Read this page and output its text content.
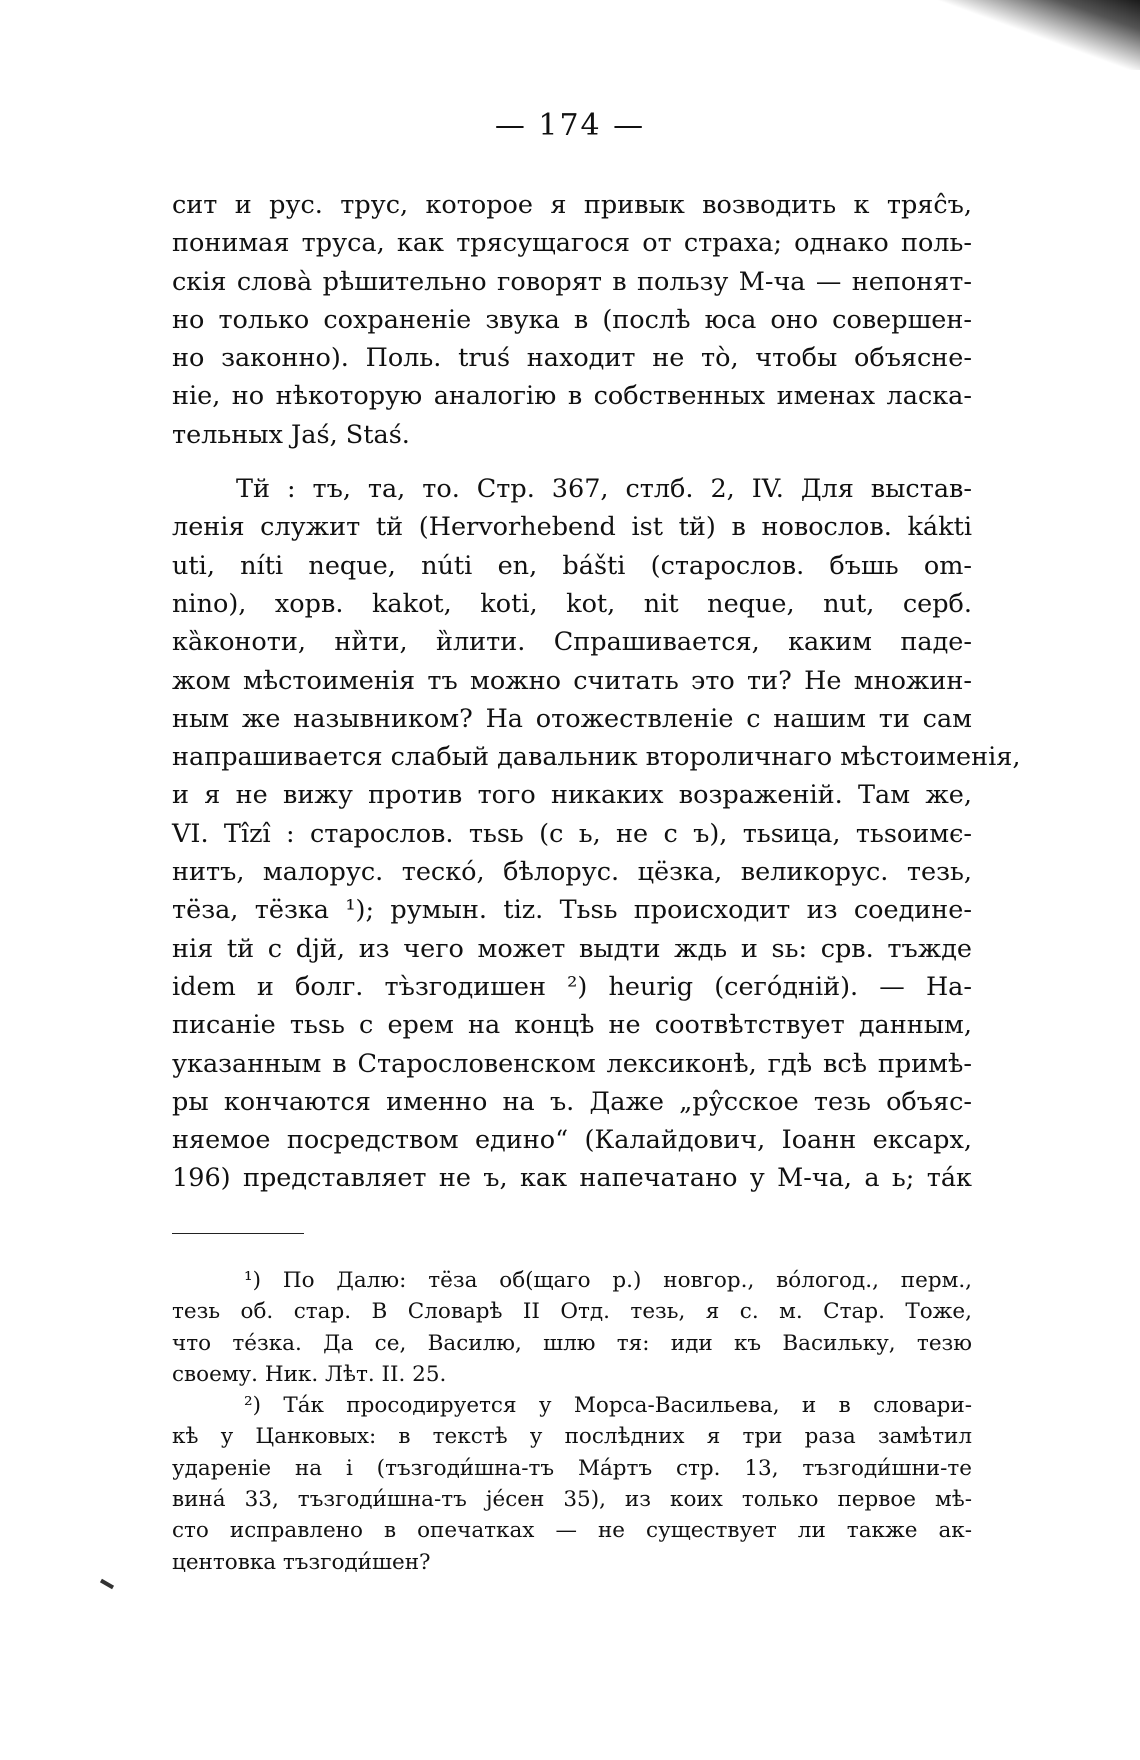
— 174 —
сит и рус. трус, которое я привык возводить к тряс̂ъ,
понимая труса, как трясущагося от страха; однако поль-
скія слова̀ рѣшительно говорят в пользу М-ча — непонят-
но только сохраненіе звука в (послѣ юса оно совершен-
но законно). Поль. truś находит не то̀, чтобы объясне-
ніе, но нѣкоторую аналогію в собственных именах ласка-
тельных Jaś, Staś.
Тй : тъ, та, то. Стр. 367, стлб. 2, IV. Для выстав-
ленія служит tй (Hervorhebend ist tй) в новослов. kákti
uti, níti neque, núti en, bášti (старослов. бъшь om-
nino), хорв. kakot, koti, kot, nit neque, nut, серб.
ка̏коноти, ни̏ти, и̏лити. Спрашивается, каким паде-
жом мѣстоименія тъ можно считать это ти? Не множин-
ным же назывником? На отожествленіе с нашим ти сам
напрашивается слабый давальник второличнаго мѣстоименія,
и я не вижу против того никаких возраженій. Там же,
VI. Tîzî : старослов. тьѕь (с ь, не с ъ), тьѕица, тьѕоимє-
нитъ, малорус. тескó, бѣлорус. цёзка, великорус. тезь,
тёза, тёзка ¹); румын. tiz. Тьѕь происходит из соедине-
нія tй с djй, из чего может выдти ждь и ѕь: срв. тъжде
idem и болг. тъ̀згодишен ²) heurig (сегóдній). — На-
писаніе тьѕь с ерем на концѣ не соотвѣтствует данным,
указанным в Старословенском лексиконѣ, гдѣ всѣ примѣ-
ры кончаются именно на ъ. Даже „ру̂сское тезь объяс-
няемое посредством едино“ (Калайдович, Іоанн ексарх,
196) представляет не ъ, как напечатано у М-ча, а ь; та́к
¹) По Далю: тёза об(щаго р.) новгор., вóлогод., перм.,
тезь об. стар. В Словарѣ II Отд. тезь, я с. м. Стар. Тоже,
что тéзка. Да се, Василю, шлю тя: иди къ Васильку, тезю
своему. Ник. Лѣт. II. 25.
²) Та́к просодируется у Морса-Васильева, и в словари-
кѣ у Цанковых: в текстѣ у послѣдних я три раза замѣтил
удареніе на і (тъзгоди́шна-тъ Ма́ртъ стр. 13, тъзгоди́шни-те
вина́ 33, тъзгоди́шна-тъ jéсен 35), из коих только первое мѣ-
сто исправлено в опечатках — не существует ли также ак-
центовка тъзгоди́шен?
